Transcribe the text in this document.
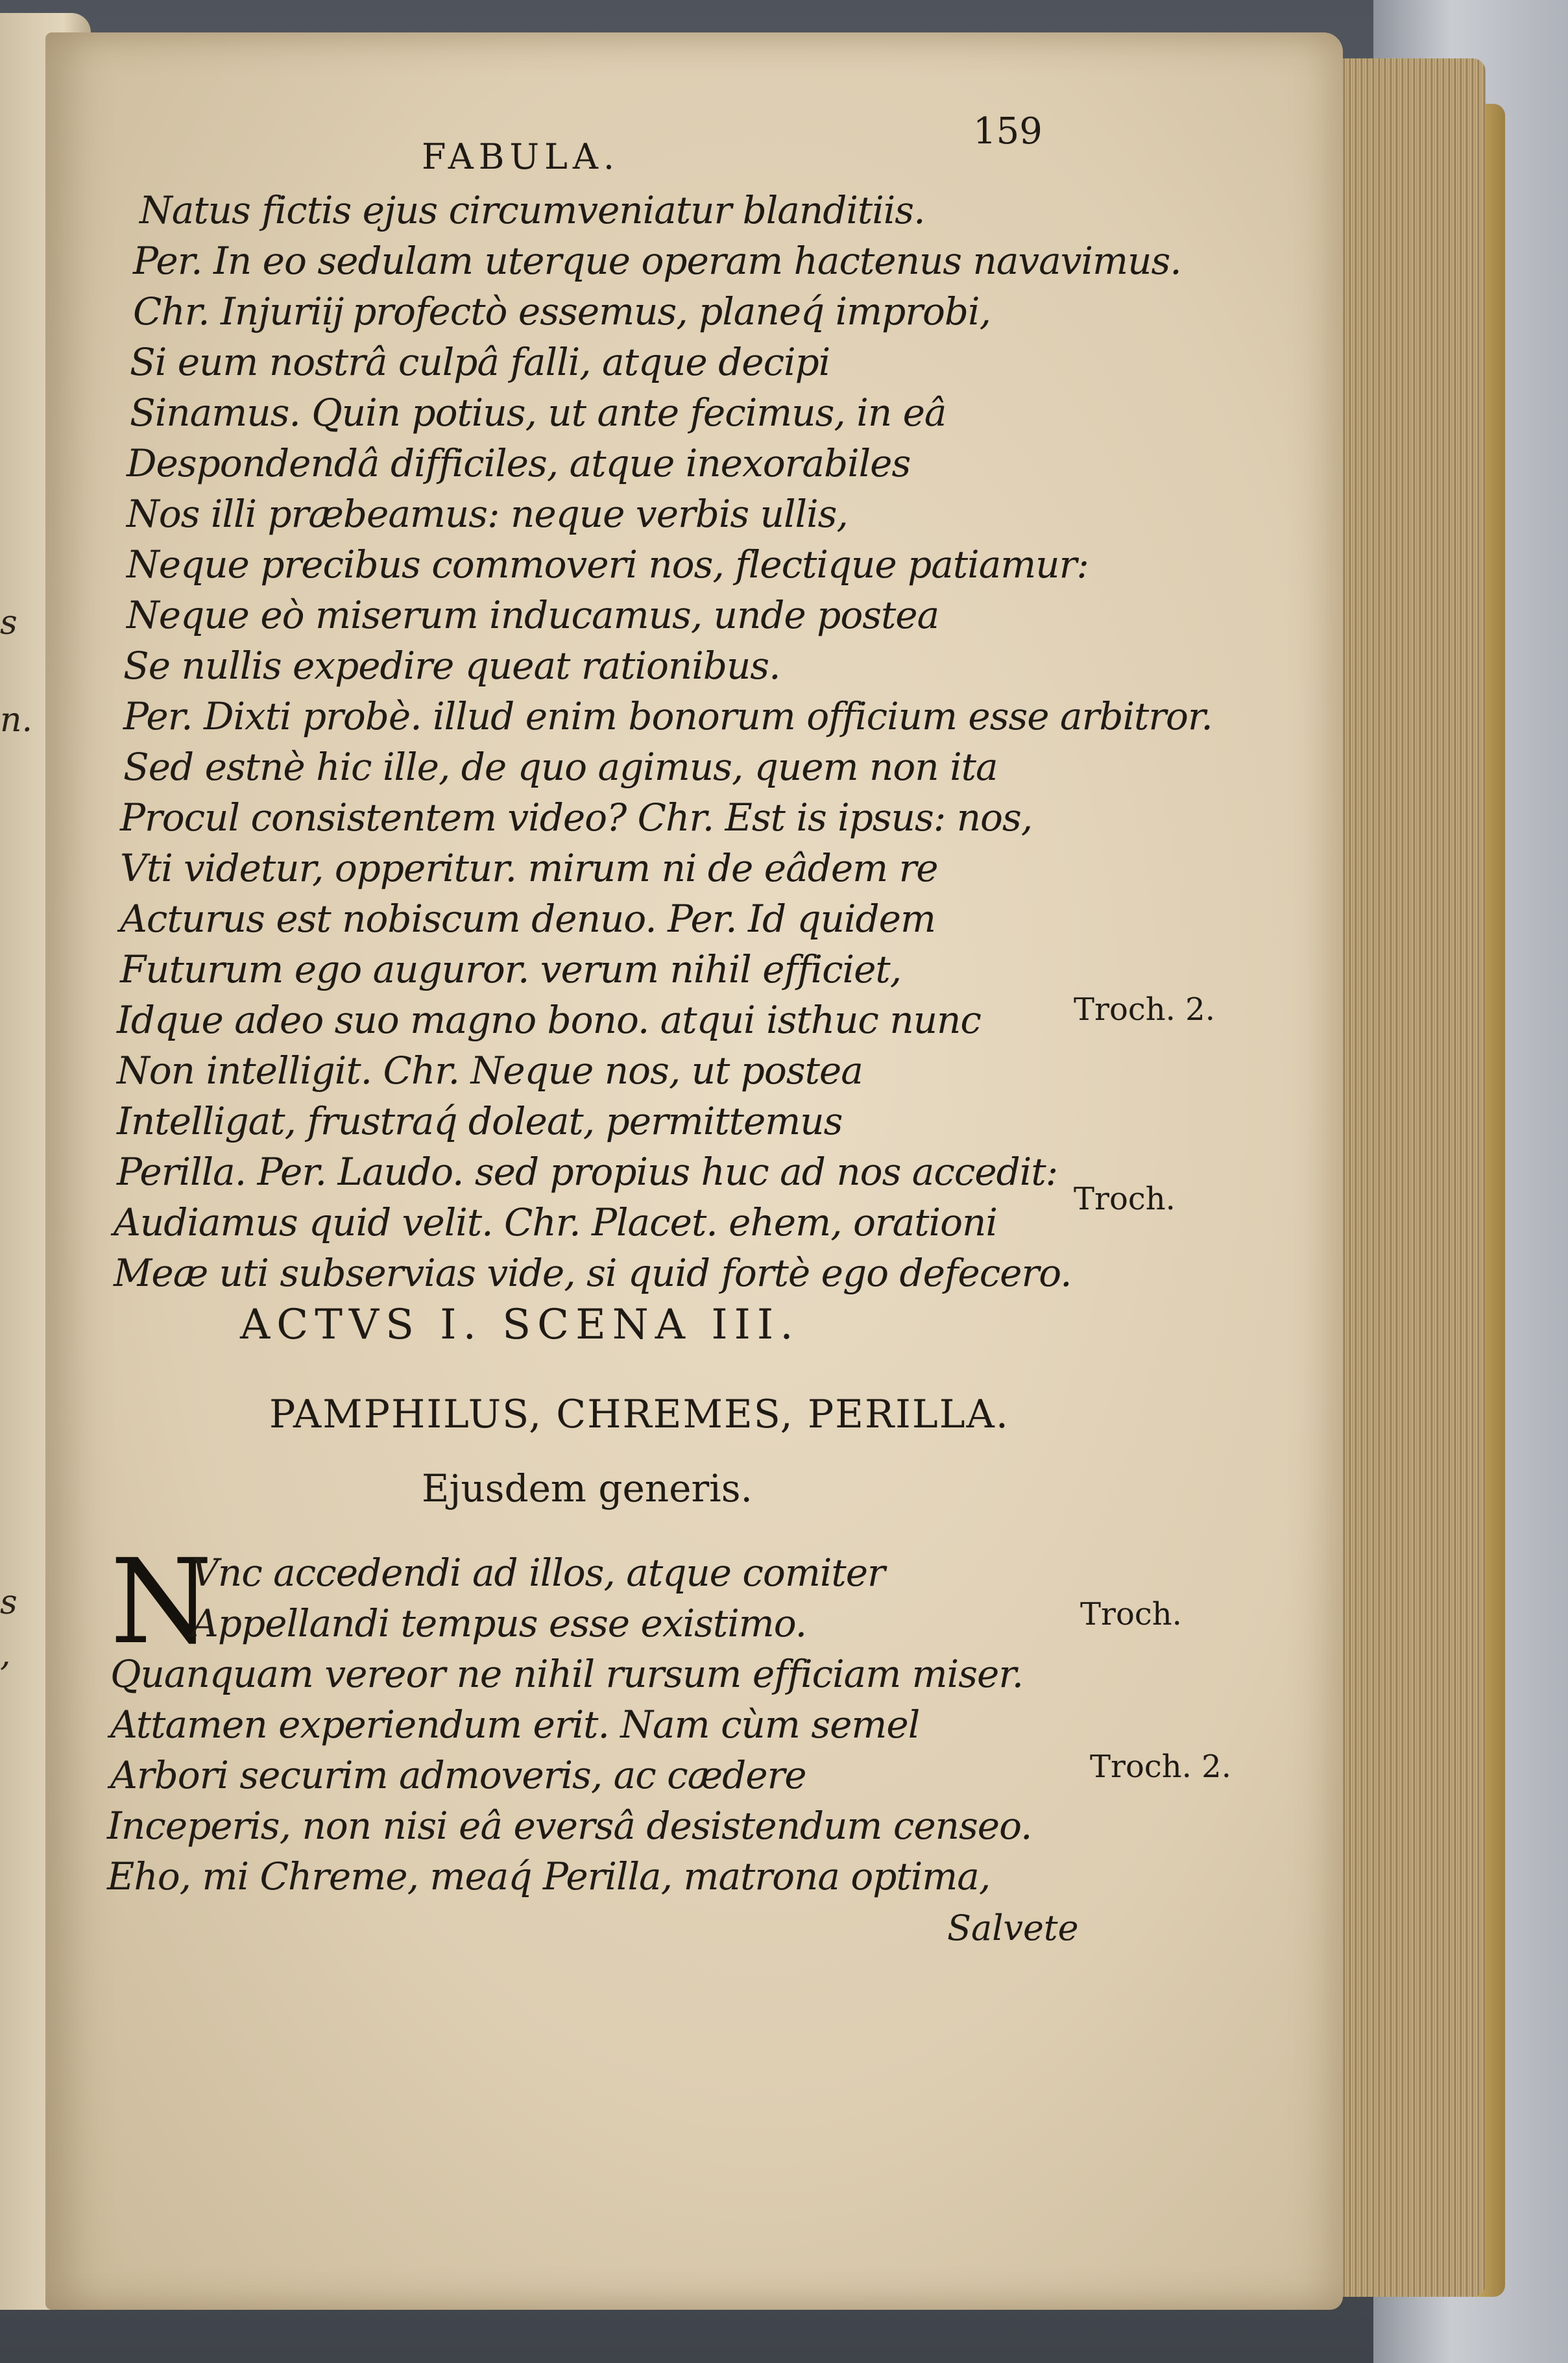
s
n.
s
,
FABULA.
159
Natus fictis ejus circumveniatur blanditiis.
Per. In eo sedulam uterque operam hactenus navavimus.
Chr. Injuriĳ profectò essemus, planeq́ improbi,
Si eum nostrâ culpâ falli, atque decipi
Sinamus. Quin potius, ut ante fecimus, in eâ
Despondendâ difficiles, atque inexorabiles
Nos illi præbeamus: neque verbis ullis,
Neque precibus commoveri nos, flectique patiamur:
Neque eò miserum inducamus, unde postea
Se nullis expedire queat rationibus.
Per. Dixti probè. illud enim bonorum officium esse arbitror.
Sed estnè hic ille, de quo agimus, quem non ita
Procul consistentem video? Chr. Est is ipsus: nos,
Vti videtur, opperitur. mirum ni de eâdem re
Acturus est nobiscum denuo. Per. Id quidem
Futurum ego auguror. verum nihil efficiet,
Idque adeo suo magno bono. atqui isthuc nunc
Non intelligit. Chr. Neque nos, ut postea
Intelligat, frustraq́ doleat, permittemus
Perilla. Per. Laudo. sed propius huc ad nos accedit:
Audiamus quid velit. Chr. Placet. ehem, orationi
Meæ uti subservias vide, si quid fortè ego defecero.
Troch. 2.
Troch.
ACTVS I. SCENA III.
PAMPHILUS, CHREMES, PERILLA.
Ejusdem generis.
N
Vnc accedendi ad illos, atque comiter
Appellandi tempus esse existimo.
Quanquam vereor ne nihil rursum efficiam miser.
Attamen experiendum erit. Nam cùm semel
Arbori securim admoveris, ac cædere
Inceperis, non nisi eâ eversâ desistendum censeo.
Eho, mi Chreme, meaq́ Perilla, matrona optima,
Troch.
Troch. 2.
Salvete
